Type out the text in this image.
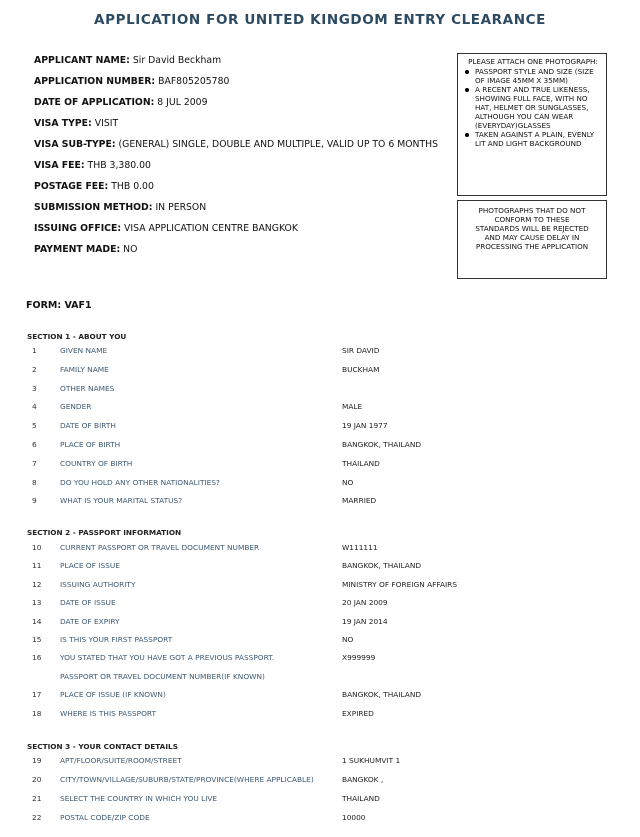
APPLICATION FOR UNITED KINGDOM ENTRY CLEARANCE
APPLICANT NAME: Sir David Beckham
APPLICATION NUMBER: BAF805205780
DATE OF APPLICATION: 8 JUL 2009
VISA TYPE: VISIT
VISA SUB-TYPE: (GENERAL) SINGLE, DOUBLE AND MULTIPLE, VALID UP TO 6 MONTHS
VISA FEE: THB 3,380.00
POSTAGE FEE: THB 0.00
SUBMISSION METHOD: IN PERSON
ISSUING OFFICE: VISA APPLICATION CENTRE BANGKOK
PAYMENT MADE: NO
PLEASE ATTACH ONE PHOTOGRAPH:
PASSPORT STYLE AND SIZE (SIZE OF IMAGE 45MM X 35MM)
A RECENT AND TRUE LIKENESS, SHOWING FULL FACE, WITH NO HAT, HELMET OR SUNGLASSES, ALTHOUGH YOU CAN WEAR (EVERYDAY)GLASSES
TAKEN AGAINST A PLAIN, EVENLY LIT AND LIGHT BACKGROUND
PHOTOGRAPHS THAT DO NOT CONFORM TO THESE STANDARDS WILL BE REJECTED AND MAY CAUSE DELAY IN PROCESSING THE APPLICATION
FORM: VAF1
SECTION 1 - ABOUT YOU
1	GIVEN NAME	SIR DAVID
2	FAMILY NAME	BUCKHAM
3	OTHER NAMES
4	GENDER	MALE
5	DATE OF BIRTH	19 JAN 1977
6	PLACE OF BIRTH	BANGKOK, THAILAND
7	COUNTRY OF BIRTH	THAILAND
8	DO YOU HOLD ANY OTHER NATIONALITIES?	NO
9	WHAT IS YOUR MARITAL STATUS?	MARRIED
SECTION 2 - PASSPORT INFORMATION
10	CURRENT PASSPORT OR TRAVEL DOCUMENT NUMBER	W111111
11	PLACE OF ISSUE	BANGKOK, THAILAND
12	ISSUING AUTHORITY	MINISTRY OF FOREIGN AFFAIRS
13	DATE OF ISSUE	20 JAN 2009
14	DATE OF EXPIRY	19 JAN 2014
15	IS THIS YOUR FIRST PASSPORT	NO
16	YOU STATED THAT YOU HAVE GOT A PREVIOUS PASSPORT.	X999999
PASSPORT OR TRAVEL DOCUMENT NUMBER(IF KNOWN)
17	PLACE OF ISSUE (IF KNOWN)	BANGKOK, THAILAND
18	WHERE IS THIS PASSPORT	EXPIRED
SECTION 3 - YOUR CONTACT DETAILS
19	APT/FLOOR/SUITE/ROOM/STREET	1 SUKHUMVIT 1
20	CITY/TOWN/VILLAGE/SUBURB/STATE/PROVINCE(WHERE APPLICABLE)	BANGKOK ,
21	SELECT THE COUNTRY IN WHICH YOU LIVE	THAILAND
22	POSTAL CODE/ZIP CODE	10000
